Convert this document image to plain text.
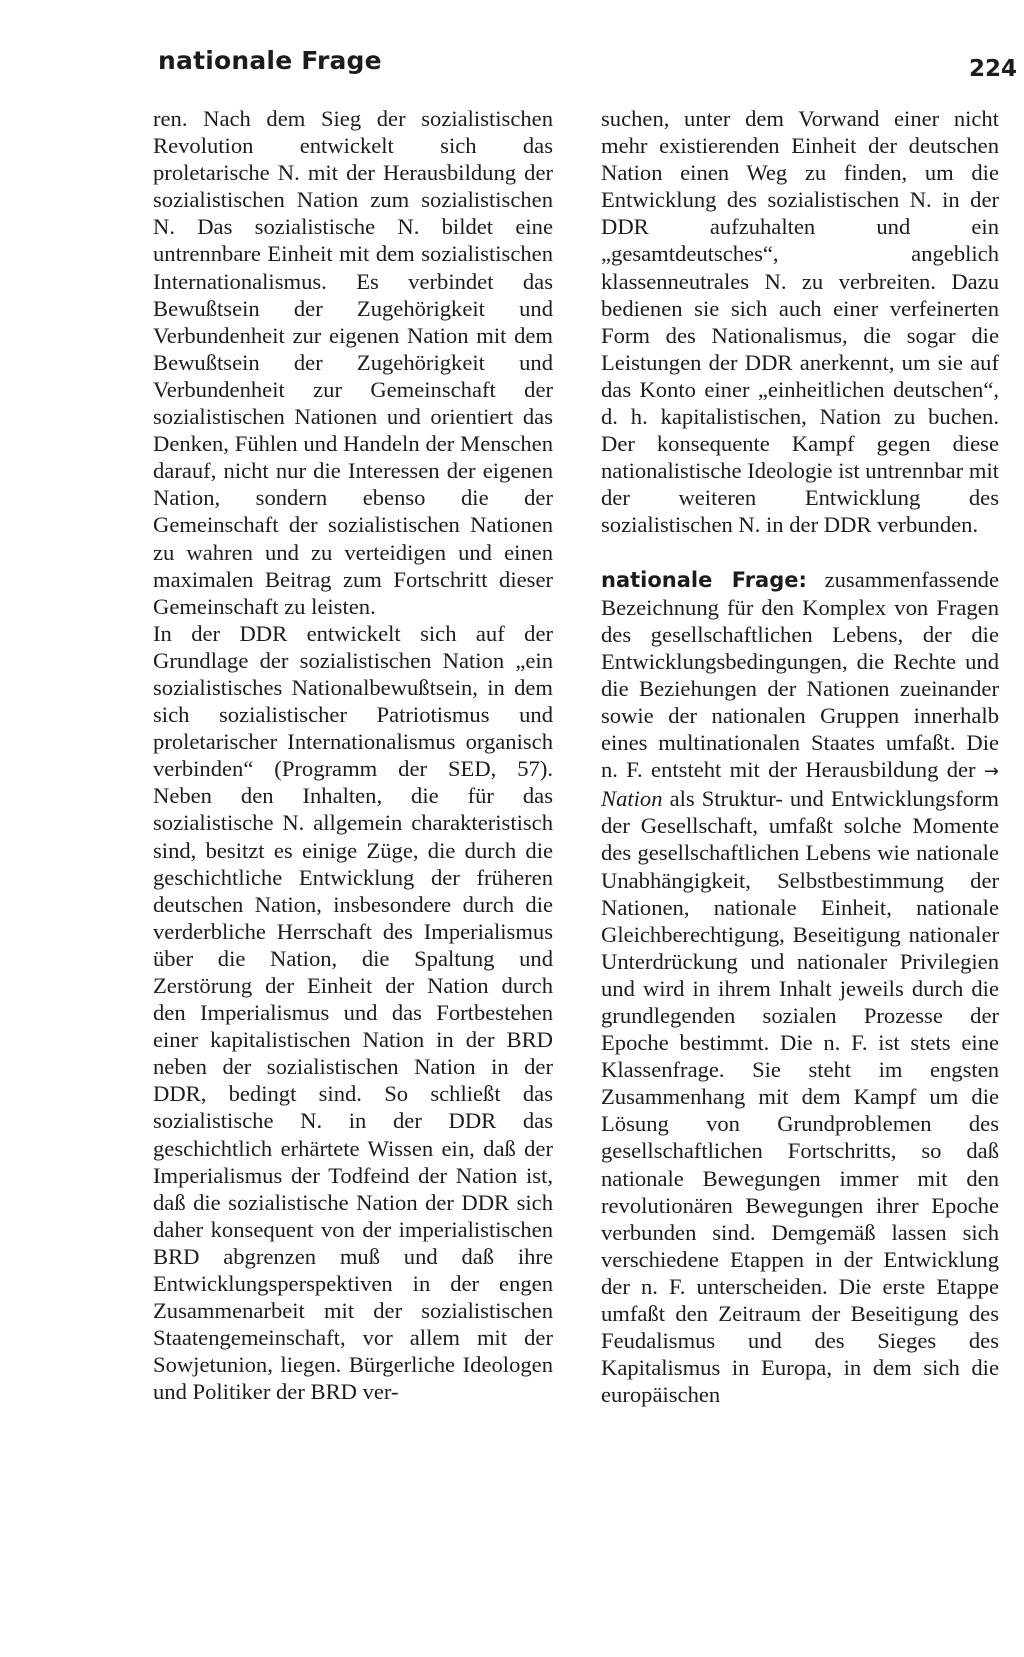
nationale Frage	224

ren. Nach dem Sieg der sozialistischen Revolution entwickelt sich das proletarische N. mit der Herausbildung der sozialistischen Nation zum sozialistischen N. Das sozialistische N. bildet eine untrennbare Einheit mit dem sozialistischen Internationalismus. Es verbindet das Bewußtsein der Zugehörigkeit und Verbundenheit zur eigenen Nation mit dem Bewußtsein der Zugehörigkeit und Verbundenheit zur Gemeinschaft der sozialistischen Nationen und orientiert das Denken, Fühlen und Handeln der Menschen darauf, nicht nur die Interessen der eigenen Nation, sondern ebenso die der Gemeinschaft der sozialistischen Nationen zu wahren und zu verteidigen und einen maximalen Beitrag zum Fortschritt dieser Gemeinschaft zu leisten.

In der DDR entwickelt sich auf der Grundlage der sozialistischen Nation „ein sozialistisches Nationalbewußtsein, in dem sich sozialistischer Patriotismus und proletarischer Internationalismus organisch verbinden“ (Programm der SED, 57). Neben den Inhalten, die für das sozialistische N. allgemein charakteristisch sind, besitzt es einige Züge, die durch die geschichtliche Entwicklung der früheren deutschen Nation, insbesondere durch die verderbliche Herrschaft des Imperialismus über die Nation, die Spaltung und Zerstörung der Einheit der Nation durch den Imperialismus und das Fortbestehen einer kapitalistischen Nation in der BRD neben der sozialistischen Nation in der DDR, bedingt sind. So schließt das sozialistische N. in der DDR das geschichtlich erhärtete Wissen ein, daß der Imperialismus der Todfeind der Nation ist, daß die sozialistische Nation der DDR sich daher konsequent von der imperialistischen BRD abgrenzen muß und daß ihre Entwicklungsperspektiven in der engen Zusammenarbeit mit der sozialistischen Staatengemeinschaft, vor allem mit der Sowjetunion, liegen. Bürgerliche Ideologen und Politiker der BRD ver-

suchen, unter dem Vorwand einer nicht mehr existierenden Einheit der deutschen Nation einen Weg zu finden, um die Entwicklung des sozialistischen N. in der DDR aufzuhalten und ein „gesamtdeutsches“, angeblich klassenneutrales N. zu verbreiten. Dazu bedienen sie sich auch einer verfeinerten Form des Nationalismus, die sogar die Leistungen der DDR anerkennt, um sie auf das Konto einer „einheitlichen deutschen“, d. h. kapitalistischen, Nation zu buchen. Der konsequente Kampf gegen diese nationalistische Ideologie ist untrennbar mit der weiteren Entwicklung des sozialistischen N. in der DDR verbunden.

nationale Frage: zusammenfassende Bezeichnung für den Komplex von Fragen des gesellschaftlichen Lebens, der die Entwicklungsbedingungen, die Rechte und die Beziehungen der Nationen zueinander sowie der nationalen Gruppen innerhalb eines multinationalen Staates umfaßt. Die n. F. entsteht mit der Herausbildung der → Nation als Struktur- und Entwicklungsform der Gesellschaft, umfaßt solche Momente des gesellschaftlichen Lebens wie nationale Unabhängigkeit, Selbstbestimmung der Nationen, nationale Einheit, nationale Gleichberechtigung, Beseitigung nationaler Unterdrückung und nationaler Privilegien und wird in ihrem Inhalt jeweils durch die grundlegenden sozialen Prozesse der Epoche bestimmt. Die n. F. ist stets eine Klassenfrage. Sie steht im engsten Zusammenhang mit dem Kampf um die Lösung von Grundproblemen des gesellschaftlichen Fortschritts, so daß nationale Bewegungen immer mit den revolutionären Bewegungen ihrer Epoche verbunden sind. Demgemäß lassen sich verschiedene Etappen in der Entwicklung der n. F. unterscheiden. Die erste Etappe umfaßt den Zeitraum der Beseitigung des Feudalismus und des Sieges des Kapitalismus in Europa, in dem sich die europäischen
